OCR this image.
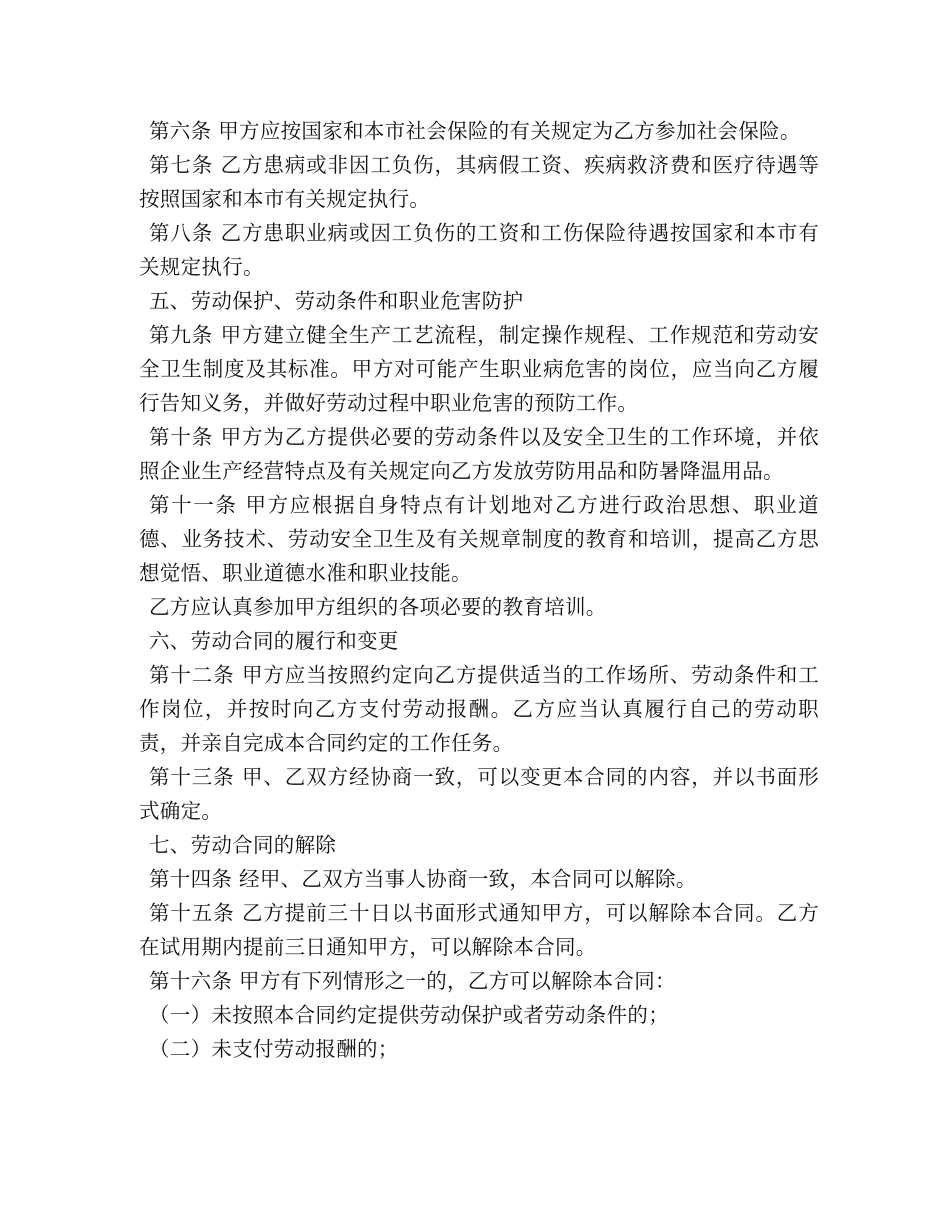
第六条 甲方应按国家和本市社会保险的有关规定为乙方参加社会保险。

第七条 乙方患病或非因工负伤，其病假工资、疾病救济费和医疗待遇等按照国家和本市有关规定执行。

第八条 乙方患职业病或因工负伤的工资和工伤保险待遇按国家和本市有关规定执行。

五、劳动保护、劳动条件和职业危害防护

第九条 甲方建立健全生产工艺流程，制定操作规程、工作规范和劳动安全卫生制度及其标准。甲方对可能产生职业病危害的岗位，应当向乙方履行告知义务，并做好劳动过程中职业危害的预防工作。

第十条 甲方为乙方提供必要的劳动条件以及安全卫生的工作环境，并依照企业生产经营特点及有关规定向乙方发放劳防用品和防暑降温用品。

第十一条 甲方应根据自身特点有计划地对乙方进行政治思想、职业道德、业务技术、劳动安全卫生及有关规章制度的教育和培训，提高乙方思想觉悟、职业道德水准和职业技能。

乙方应认真参加甲方组织的各项必要的教育培训。

六、劳动合同的履行和变更

第十二条 甲方应当按照约定向乙方提供适当的工作场所、劳动条件和工作岗位，并按时向乙方支付劳动报酬。乙方应当认真履行自己的劳动职责，并亲自完成本合同约定的工作任务。

第十三条 甲、乙双方经协商一致，可以变更本合同的内容，并以书面形式确定。

七、劳动合同的解除

第十四条 经甲、乙双方当事人协商一致，本合同可以解除。

第十五条 乙方提前三十日以书面形式通知甲方，可以解除本合同。乙方在试用期内提前三日通知甲方，可以解除本合同。

第十六条 甲方有下列情形之一的，乙方可以解除本合同：

（一）未按照本合同约定提供劳动保护或者劳动条件的；

（二）未支付劳动报酬的；
